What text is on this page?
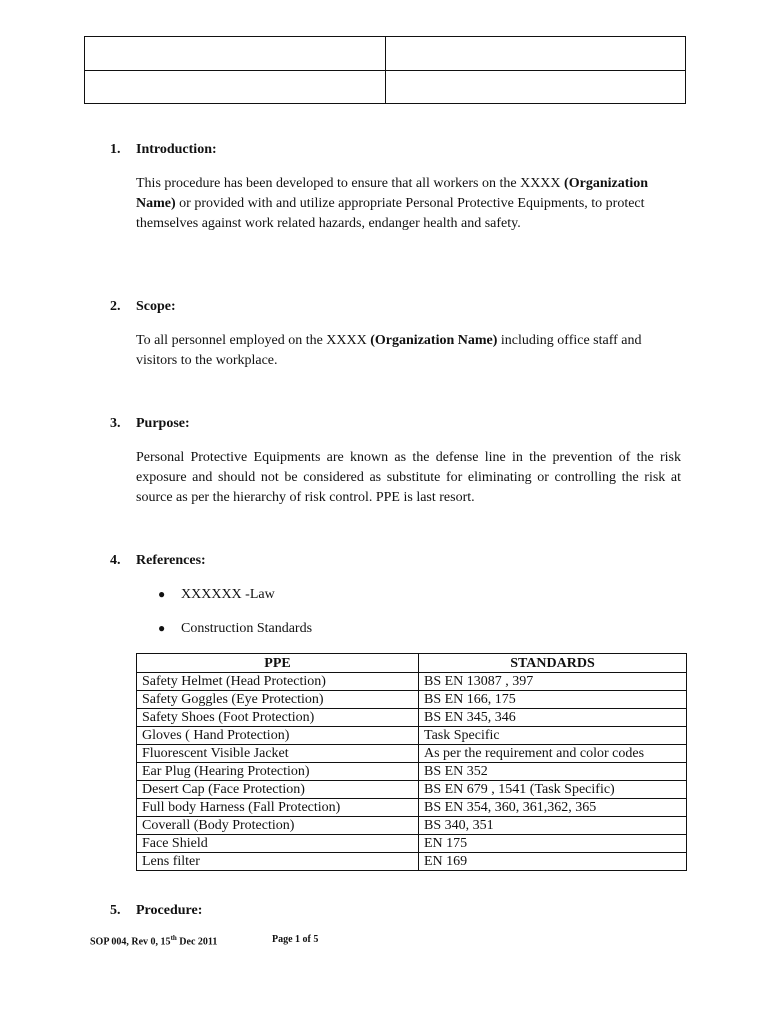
1. Introduction:
This procedure has been developed to ensure that all workers on the XXXX (Organization Name) or provided with and utilize appropriate Personal Protective Equipments, to protect themselves against work related hazards, endanger health and safety.
2. Scope:
To all personnel employed on the XXXX (Organization Name) including office staff and visitors to the workplace.
3. Purpose:
Personal Protective Equipments are known as the defense line in the prevention of the risk exposure and should not be considered as substitute for eliminating or controlling the risk at source as per the hierarchy of risk control. PPE is last resort.
4. References:
● XXXXXX -Law
● Construction Standards
PPE	STANDARDS
Safety Helmet (Head Protection)	BS EN 13087 , 397
Safety Goggles (Eye Protection)	BS EN 166, 175
Safety Shoes (Foot Protection)	BS EN 345, 346
Gloves ( Hand Protection)	Task Specific
Fluorescent Visible Jacket	As per the requirement and color codes
Ear Plug (Hearing Protection)	BS EN 352
Desert Cap (Face Protection)	BS EN 679 , 1541 (Task Specific)
Full body Harness (Fall Protection)	BS EN 354, 360, 361,362, 365
Coverall (Body Protection)	BS 340, 351
Face Shield	EN 175
Lens filter	EN 169
5. Procedure:
SOP 004, Rev 0, 15th Dec 2011	Page 1 of 5
